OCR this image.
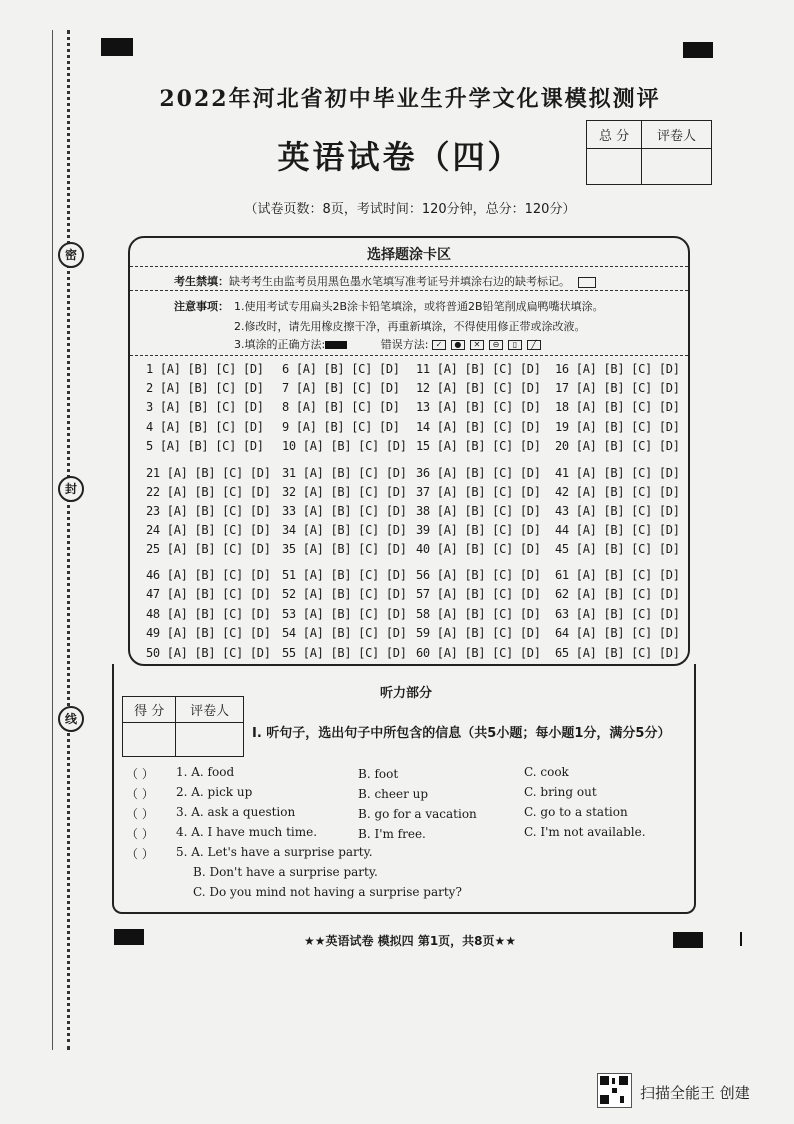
密
封
线
2022年河北省初中毕业生升学文化课模拟测评
英语试卷（四）
（试卷页数：8页，考试时间：120分钟，总分：120分）
总 分	评卷人

选择题涂卡区
考生禁填：缺考考生由监考员用黑色墨水笔填写准考证号并填涂右边的缺考标记。
注意事项： 1.使用考试专用扁头2B涂卡铅笔填涂，或将普通2B铅笔削成扁鸭嘴状填涂。
2.修改时，请先用橡皮擦干净，再重新填涂，不得使用修正带或涂改液。
3.填涂的正确方法:	错误方法: ✓ ● ✕ ⊖ ▯ ╱
1 [A] [B] [C] [D] 6 [A] [B] [C] [D] 11 [A] [B] [C] [D] 16 [A] [B] [C] [D]
2 [A] [B] [C] [D] 7 [A] [B] [C] [D] 12 [A] [B] [C] [D] 17 [A] [B] [C] [D]
3 [A] [B] [C] [D] 8 [A] [B] [C] [D] 13 [A] [B] [C] [D] 18 [A] [B] [C] [D]
4 [A] [B] [C] [D] 9 [A] [B] [C] [D] 14 [A] [B] [C] [D] 19 [A] [B] [C] [D]
5 [A] [B] [C] [D] 10 [A] [B] [C] [D] 15 [A] [B] [C] [D] 20 [A] [B] [C] [D]
21 [A] [B] [C] [D] 31 [A] [B] [C] [D] 36 [A] [B] [C] [D] 41 [A] [B] [C] [D]
22 [A] [B] [C] [D] 32 [A] [B] [C] [D] 37 [A] [B] [C] [D] 42 [A] [B] [C] [D]
23 [A] [B] [C] [D] 33 [A] [B] [C] [D] 38 [A] [B] [C] [D] 43 [A] [B] [C] [D]
24 [A] [B] [C] [D] 34 [A] [B] [C] [D] 39 [A] [B] [C] [D] 44 [A] [B] [C] [D]
25 [A] [B] [C] [D] 35 [A] [B] [C] [D] 40 [A] [B] [C] [D] 45 [A] [B] [C] [D]
46 [A] [B] [C] [D] 51 [A] [B] [C] [D] 56 [A] [B] [C] [D] 61 [A] [B] [C] [D]
47 [A] [B] [C] [D] 52 [A] [B] [C] [D] 57 [A] [B] [C] [D] 62 [A] [B] [C] [D]
48 [A] [B] [C] [D] 53 [A] [B] [C] [D] 58 [A] [B] [C] [D] 63 [A] [B] [C] [D]
49 [A] [B] [C] [D] 54 [A] [B] [C] [D] 59 [A] [B] [C] [D] 64 [A] [B] [C] [D]
50 [A] [B] [C] [D] 55 [A] [B] [C] [D] 60 [A] [B] [C] [D] 65 [A] [B] [C] [D]
听力部分
得 分	评卷人

Ⅰ. 听句子，选出句子中所包含的信息（共5小题；每小题1分，满分5分）
（ ） 1. A. food	B. foot	C. cook
（ ） 2. A. pick up	B. cheer up	C. bring out
（ ） 3. A. ask a question	B. go for a vacation	C. go to a station
（ ） 4. A. I have much time.	B. I'm free.	C. I'm not available.
（ ） 5. A. Let's have a surprise party.
B. Don't have a surprise party.
C. Do you mind not having a surprise party?
★★英语试卷 模拟四 第1页，共8页★★
扫描全能王 创建
